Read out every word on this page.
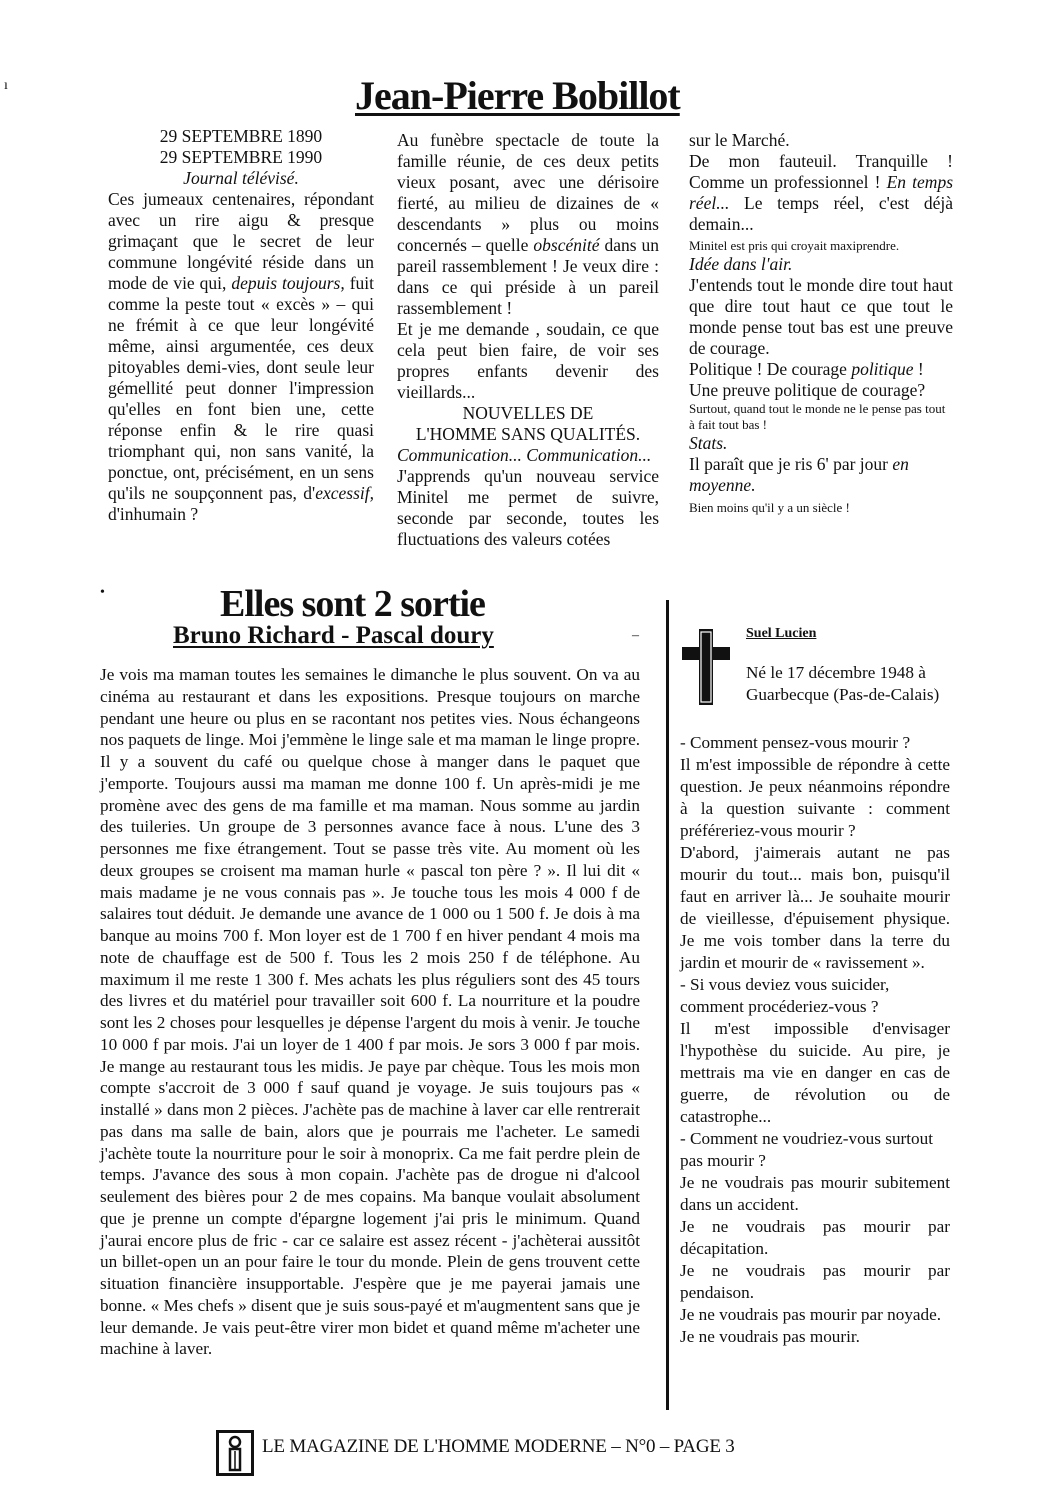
Jean-Pierre Bobillot

29 SEPTEMBRE 1890

29 SEPTEMBRE 1990

Journal télévisé.

Ces jumeaux centenaires, répondant avec un rire aigu & presque grimaçant que le secret de leur commune longévité réside dans un mode de vie qui, depuis toujours, fuit comme la peste tout « excès » – qui ne frémit à ce que leur longévité même, ainsi argumentée, ces deux pitoyables demi-vies, dont seule leur gémellité peut donner l'impression qu'elles en font bien une, cette réponse enfin & le rire quasi triomphant qui, non sans vanité, la ponctue, ont, précisément, en un sens qu'ils ne soupçonnent pas, d'excessif, d'inhumain ?

Au funèbre spectacle de toute la famille réunie, de ces deux petits vieux posant, avec une dérisoire fierté, au milieu de dizaines de « descendants » plus ou moins concernés – quelle obscénité dans un pareil rassemblement ! Je veux dire : dans ce qui préside à un pareil rassemblement !

Et je me demande , soudain, ce que cela peut bien faire, de voir ses propres enfants devenir des vieillards...

NOUVELLES DE

L'HOMME SANS QUALITÉS.

Communication... Communication...

J'apprends qu'un nouveau service Minitel me permet de suivre, seconde par seconde, toutes les fluctuations des valeurs cotées

sur le Marché.

De mon fauteuil. Tranquille ! Comme un professionnel ! En temps réel... Le temps réel, c'est déjà demain...

Minitel est pris qui croyait maxiprendre.

Idée dans l'air.

J'entends tout le monde dire tout haut que dire tout haut ce que tout le monde pense tout bas est une preuve de courage.

Politique ! De courage politique !

Une preuve politique de courage?

Surtout, quand tout le monde ne le pense pas tout à fait tout bas !

Stats.

Il paraît que je ris 6' par jour en moyenne.

Bien moins qu'il y a un siècle !

ı
•
–
Elles sont 2 sortie
Bruno Richard - Pascal doury
Je vois ma maman toutes les semaines le dimanche le plus souvent. On va au cinéma au restaurant et dans les expositions. Presque toujours on marche pendant une heure ou plus en se racontant nos petites vies. Nous échangeons nos paquets de linge. Moi j'emmène le linge sale et ma maman le linge propre. Il y a souvent du café ou quelque chose à manger dans le paquet que j'emporte. Toujours aussi ma maman me donne 100 f. Un après-midi je me promène avec des gens de ma famille et ma maman. Nous somme au jardin des tuileries. Un groupe de 3 personnes avance face à nous. L'une des 3 personnes me fixe étrangement. Tout se passe très vite. Au moment où les deux groupes se croisent ma maman hurle « pascal ton père ? ». Il lui dit « mais madame je ne vous connais pas ». Je touche tous les mois 4 000 f de salaires tout déduit. Je demande une avance de 1 000 ou 1 500 f. Je dois à ma banque au moins 700 f. Mon loyer est de 1 700 f en hiver pendant 4 mois ma note de chauffage est de 500 f. Tous les 2 mois 250 f de téléphone. Au maximum il me reste 1 300 f. Mes achats les plus réguliers sont des 45 tours des livres et du matériel pour travailler soit 600 f. La nourriture et la poudre sont les 2 choses pour lesquelles je dépense l'argent du mois à venir. Je touche 10 000 f par mois. J'ai un loyer de 1 400 f par mois. Je sors 3 000 f par mois. Je mange au restaurant tous les midis. Je paye par chèque. Tous les mois mon compte s'accroit de 3 000 f sauf quand je voyage. Je suis toujours pas « installé » dans mon 2 pièces. J'achète pas de machine à laver car elle rentrerait pas dans ma salle de bain, alors que je pourrais me l'acheter. Le samedi j'achète toute la nourriture pour le soir à monoprix. Ca me fait perdre plein de temps. J'avance des sous à mon copain. J'achète pas de drogue ni d'alcool seulement des bières pour 2 de mes copains. Ma banque voulait absolument que je prenne un compte d'épargne logement j'ai pris le minimum. Quand j'aurai encore plus de fric - car ce salaire est assez récent - j'achèterai aussitôt un billet-open un an pour faire le tour du monde. Plein de gens trouvent cette situation financière insupportable. J'espère que je me payerai jamais une bonne. « Mes chefs » disent que je suis sous-payé et m'augmentent sans que je leur demande. Je vais peut-être virer mon bidet et quand même m'acheter une machine à laver.
Suel Lucien
Né le 17 décembre 1948 à Guarbecque (Pas-de-Calais)

- Comment pensez-vous mourir ?

Il m'est impossible de répondre à cette question. Je peux néanmoins répondre à la question suivante : comment préféreriez-vous mourir ?

D'abord, j'aimerais autant ne pas mourir du tout... mais bon, puisqu'il faut en arriver là... Je souhaite mourir de vieillesse, d'épuisement physique. Je me vois tomber dans la terre du jardin et mourir de « ravissement ».

- Si vous deviez vous suicider, comment procéderiez-vous ?

Il m'est impossible d'envisager l'hypothèse du suicide. Au pire, je mettrais ma vie en danger en cas de guerre, de révolution ou de catastrophe...

- Comment ne voudriez-vous surtout pas mourir ?

Je ne voudrais pas mourir subitement dans un accident.

Je ne voudrais pas mourir par décapitation.

Je ne voudrais pas mourir par pendaison.

Je ne voudrais pas mourir par noyade.

Je ne voudrais pas mourir.

LE MAGAZINE DE L'HOMME MODERNE – N°0 – PAGE 3
